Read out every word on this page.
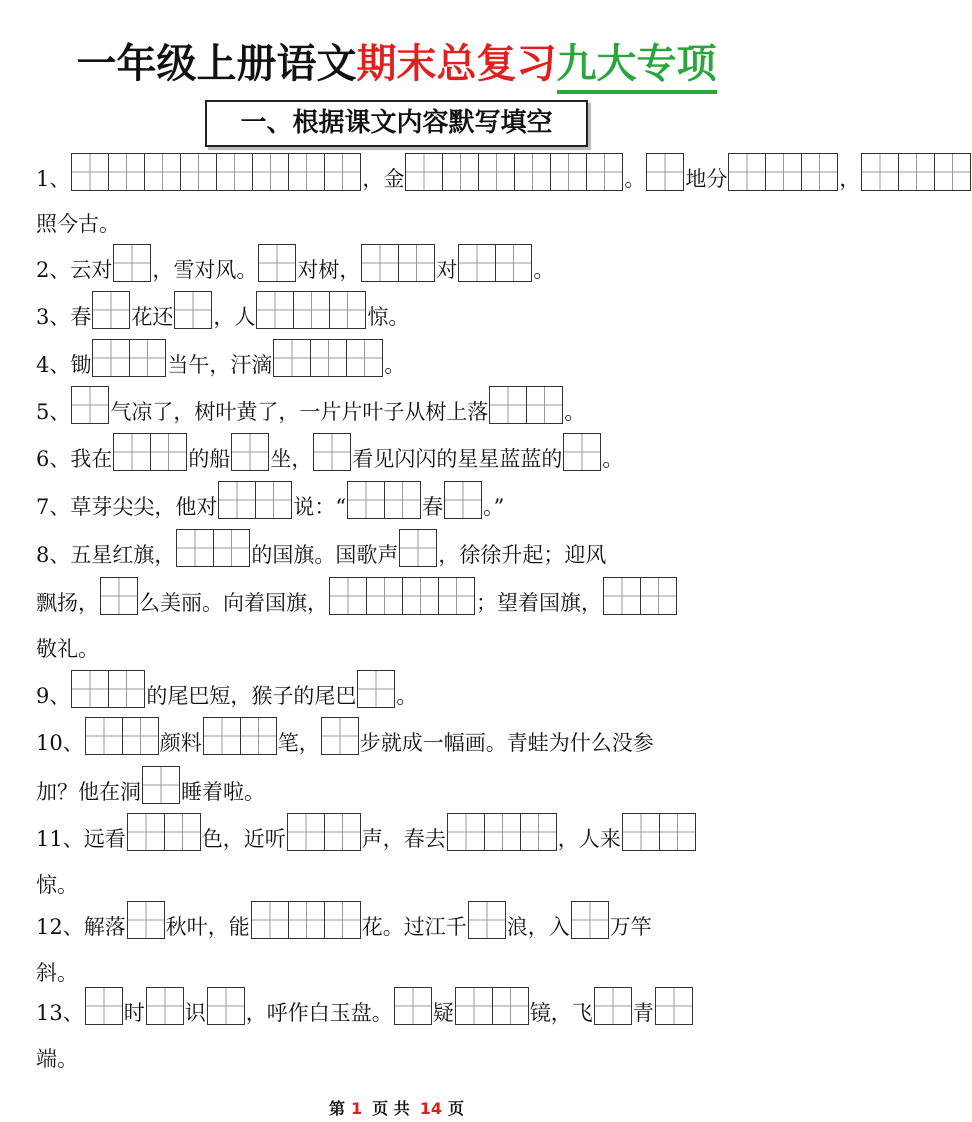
一年级上册语文期末总复习九大专项
一、根据课文内容默写填空
1、	，金	。 地分	，
照今古。
2、云对 ，雪对风。 对树，	对	。
3、春 花还 ，人	惊。
4、锄	当午，汗滴	。
5、 气凉了，树叶黄了，一片片叶子从树上落	。
6、我在	的船 坐， 看见闪闪的星星蓝蓝的 。
7、草芽尖尖，他对	说：“	春 。”
8、五星红旗，	的国旗。国歌声 ，徐徐升起；迎风
飘扬， 么美丽。向着国旗，	；望着国旗，
敬礼。
9、	的尾巴短，猴子的尾巴 。
10、	颜料	笔， 步就成一幅画。青蛙为什么没参
加？他在洞 睡着啦。
11、远看	色，近听	声，春去	，人来
惊。
12、解落 秋叶，能	花。过江千 浪，入 万竿
斜。
13、 时 识 ，呼作白玉盘。 疑	镜，飞 青
端。
第 1 页 共 14 页
